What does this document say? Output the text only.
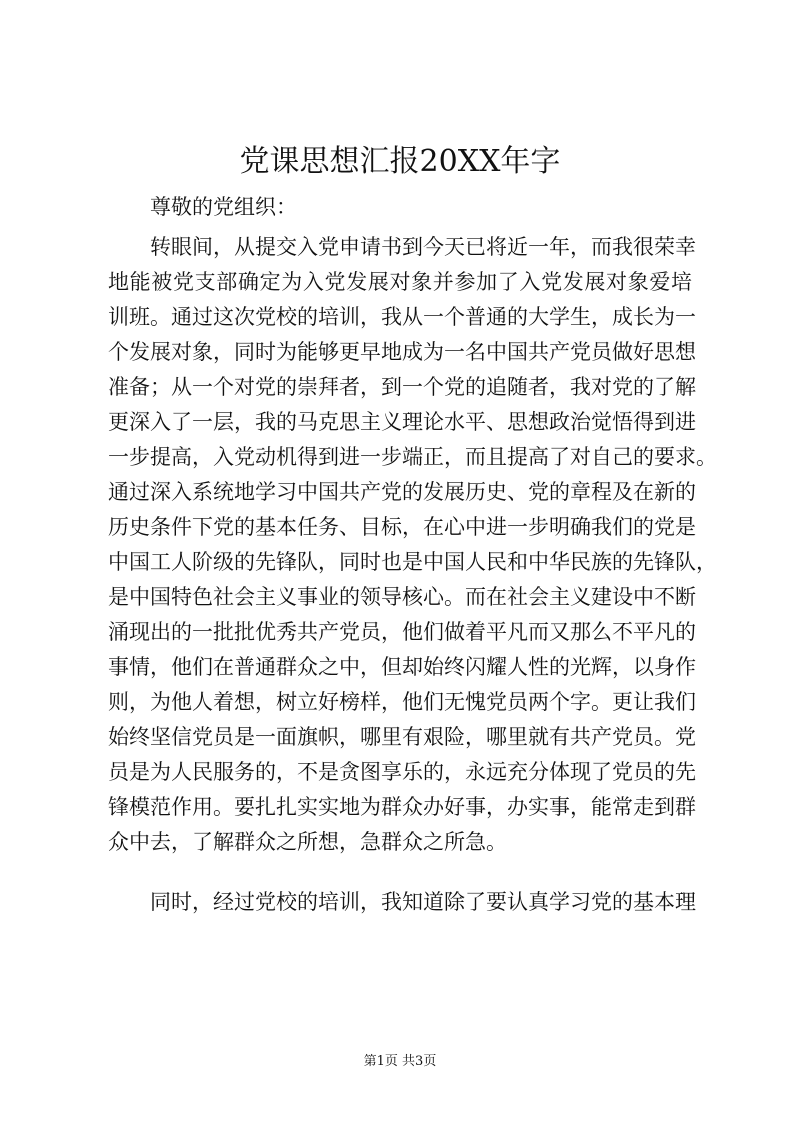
党课思想汇报20XX年字
尊敬的党组织：
转眼间，从提交入党申请书到今天已将近一年，而我很荣幸
地能被党支部确定为入党发展对象并参加了入党发展对象爱培
训班。通过这次党校的培训，我从一个普通的大学生，成长为一
个发展对象，同时为能够更早地成为一名中国共产党员做好思想
准备；从一个对党的崇拜者，到一个党的追随者，我对党的了解
更深入了一层，我的马克思主义理论水平、思想政治觉悟得到进
一步提高，入党动机得到进一步端正，而且提高了对自己的要求。
通过深入系统地学习中国共产党的发展历史、党的章程及在新的
历史条件下党的基本任务、目标，在心中进一步明确我们的党是
中国工人阶级的先锋队，同时也是中国人民和中华民族的先锋队，
是中国特色社会主义事业的领导核心。而在社会主义建设中不断
涌现出的一批批优秀共产党员，他们做着平凡而又那么不平凡的
事情，他们在普通群众之中，但却始终闪耀人性的光辉，以身作
则，为他人着想，树立好榜样，他们无愧党员两个字。更让我们
始终坚信党员是一面旗帜，哪里有艰险，哪里就有共产党员。党
员是为人民服务的，不是贪图享乐的，永远充分体现了党员的先
锋模范作用。要扎扎实实地为群众办好事，办实事，能常走到群
众中去，了解群众之所想，急群众之所急。
同时，经过党校的培训，我知道除了要认真学习党的基本理
第1页 共3页
